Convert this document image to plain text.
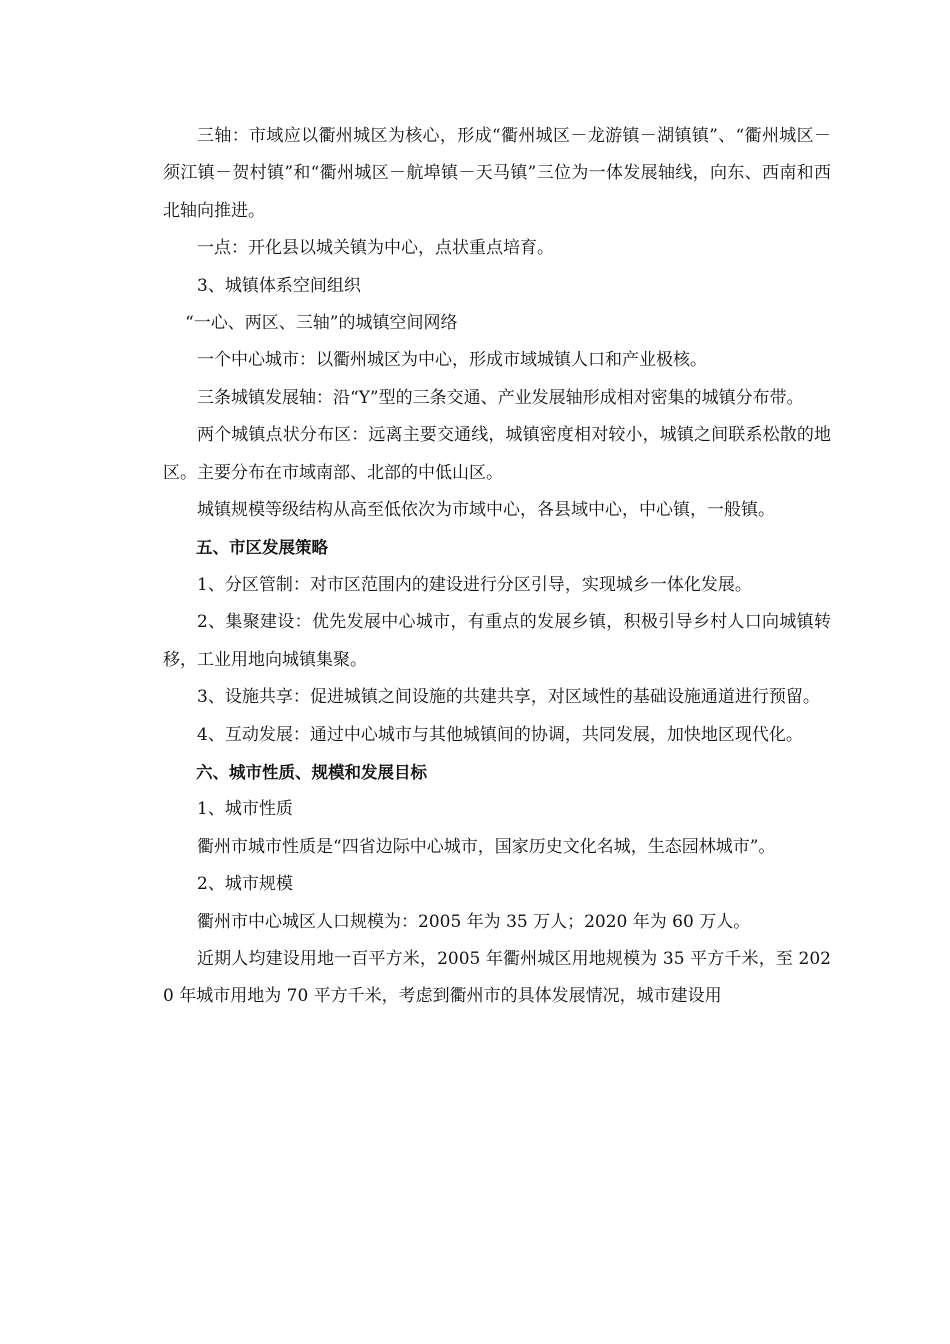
三轴：市域应以衢州城区为核心，形成“衢州城区－龙游镇－湖镇镇”、“衢州城区－须江镇－贺村镇”和“衢州城区－航埠镇－天马镇”三位为一体发展轴线，向东、西南和西北轴向推进。

一点：开化县以城关镇为中心，点状重点培育。

3、城镇体系空间组织

“一心、两区、三轴”的城镇空间网络

一个中心城市：以衢州城区为中心，形成市域城镇人口和产业极核。

三条城镇发展轴：沿“Y”型的三条交通、产业发展轴形成相对密集的城镇分布带。

两个城镇点状分布区：远离主要交通线，城镇密度相对较小，城镇之间联系松散的地区。主要分布在市域南部、北部的中低山区。

城镇规模等级结构从高至低依次为市域中心，各县域中心，中心镇，一般镇。

五、市区发展策略

1、分区管制：对市区范围内的建设进行分区引导，实现城乡一体化发展。

2、集聚建设：优先发展中心城市，有重点的发展乡镇，积极引导乡村人口向城镇转移，工业用地向城镇集聚。

3、设施共享：促进城镇之间设施的共建共享，对区域性的基础设施通道进行预留。

4、互动发展：通过中心城市与其他城镇间的协调，共同发展，加快地区现代化。

六、城市性质、规模和发展目标

1、城市性质

衢州市城市性质是“四省边际中心城市，国家历史文化名城，生态园林城市”。

2、城市规模

衢州市中心城区人口规模为：2005 年为 35 万人；2020 年为 60 万人。

近期人均建设用地一百平方米，2005 年衢州城区用地规模为 35 平方千米，至 2020 年城市用地为 70 平方千米，考虑到衢州市的具体发展情况，城市建设用
